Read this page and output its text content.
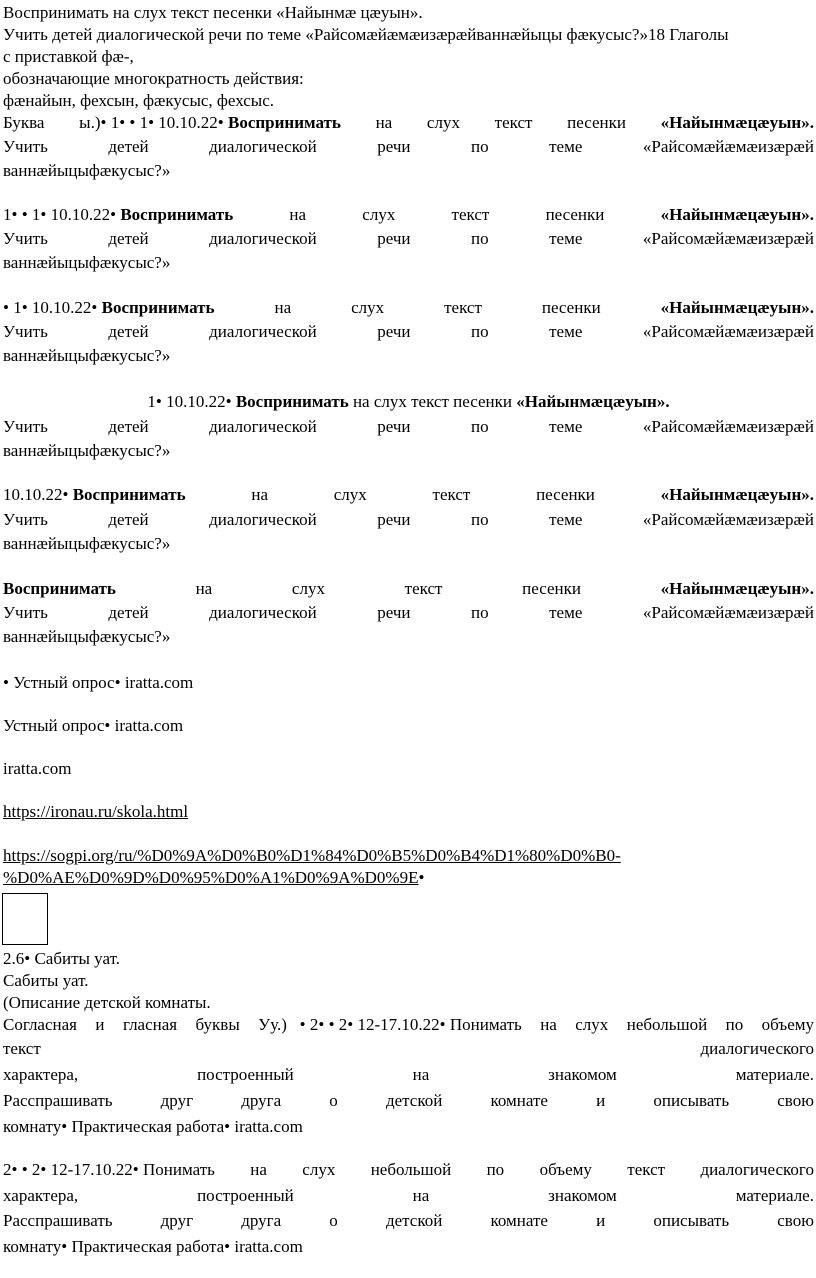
Воспринимать на слух текст песенки «Найынмæ цæуын».
Учить детей диалогической речи по теме «Райсомæйæмæизæрæйваннæйыцы фæкусыс?»18 Глаголы
с приставкой фæ-,
обозначающие многократность действия:
фæнайын, фехсын, фæкусыс, фехсыс.
Буква ы.)• 1• • 1• 10.10.22• Воспринимать на слух текст песенки «Найынмæцæуын».
Учить	детей	диалогической	речи	по	теме	«Райсомæйæмæизæрæй
ваннæйыцыфæкусыс?»
1• • 1• 10.10.22• Воспринимать	на	слух	текст	песенки	«Найынмæцæуын».
Учить	детей	диалогической	речи	по	теме	«Райсомæйæмæизæрæй
ваннæйыцыфæкусыс?»
• 1• 10.10.22• Воспринимать	на	слух	текст	песенки	«Найынмæцæуын».
Учить	детей	диалогической	речи	по	теме	«Райсомæйæмæизæрæй
ваннæйыцыфæкусыс?»
1• 10.10.22• Воспринимать на слух текст песенки «Найынмæцæуын».
Учить	детей	диалогической	речи	по	теме	«Райсомæйæмæизæрæй
ваннæйыцыфæкусыс?»
10.10.22• Воспринимать	на	слух	текст	песенки	«Найынмæцæуын».
Учить	детей	диалогической	речи	по	теме	«Райсомæйæмæизæрæй
ваннæйыцыфæкусыс?»
Воспринимать	на	слух	текст	песенки	«Найынмæцæуын».
Учить	детей	диалогической	речи	по	теме	«Райсомæйæмæизæрæй
ваннæйыцыфæкусыс?»
• Устный опрос• iratta.com
Устный опрос• iratta.com
iratta.com
https://ironau.ru/skola.html
https://sogpi.org/ru/%D0%9A%D0%B0%D1%84%D0%B5%D0%B4%D1%80%D0%B0-
%D0%AE%D0%9D%D0%95%D0%A1%D0%9A%D0%9E•
2.6• Сабиты уат.
Сабиты уат.
(Описание детской комнаты.
Согласная и гласная буквы Уу.) • 2• • 2• 12-17.10.22• Понимать на слух небольшой по объему
текст	диалогического
характера,	построенный	на	знакомом	материале.
Расспрашивать	друг	друга	о	детской	комнате	и	описывать	свою
комнату• Практическая работа• iratta.com
2• • 2• 12-17.10.22• Понимать на слух небольшой по объему текст диалогического
характера,	построенный	на	знакомом	материале.
Расспрашивать	друг	друга	о	детской	комнате	и	описывать	свою
комнату• Практическая работа• iratta.com
